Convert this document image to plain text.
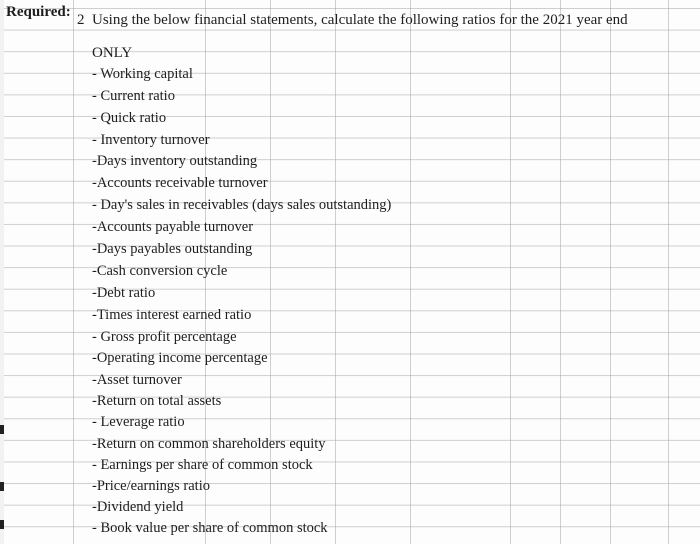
Required: 2 Using the below financial statements, calculate the following ratios for the 2021 year end
ONLY
- Working capital
- Current ratio
- Quick ratio
- Inventory turnover
-Days inventory outstanding
-Accounts receivable turnover
- Day's sales in receivables (days sales outstanding)
-Accounts payable turnover
-Days payables outstanding
-Cash conversion cycle
-Debt ratio
-Times interest earned ratio
- Gross profit percentage
-Operating income percentage
-Asset turnover
-Return on total assets
- Leverage ratio
-Return on common shareholders equity
- Earnings per share of common stock
-Price/earnings ratio
-Dividend yield
- Book value per share of common stock
